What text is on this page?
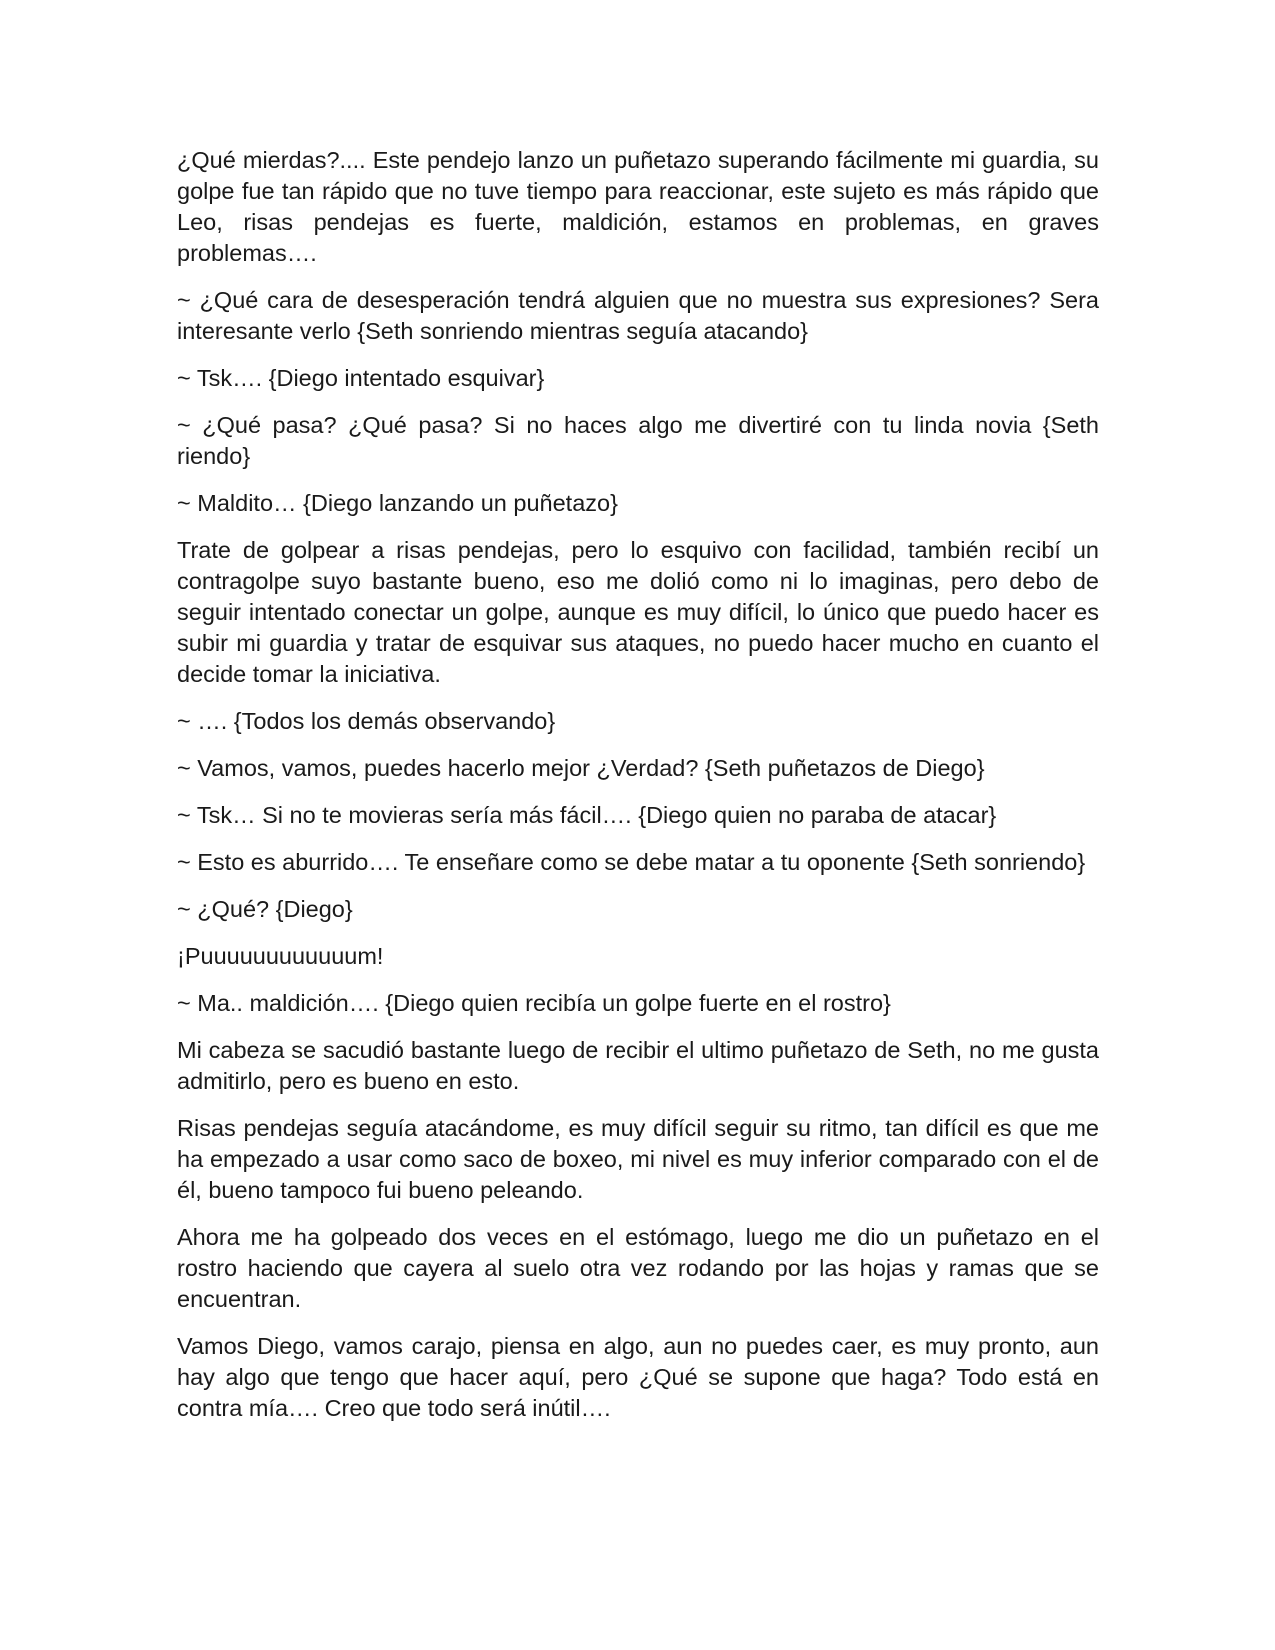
¿Qué mierdas?.... Este pendejo lanzo un puñetazo superando fácilmente mi guardia, su golpe fue tan rápido que no tuve tiempo para reaccionar, este sujeto es más rápido que Leo, risas pendejas es fuerte, maldición, estamos en problemas, en graves problemas….

~ ¿Qué cara de desesperación tendrá alguien que no muestra sus expresiones? Sera interesante verlo {Seth sonriendo mientras seguía atacando}

~ Tsk…. {Diego intentado esquivar}

~ ¿Qué pasa? ¿Qué pasa? Si no haces algo me divertiré con tu linda novia {Seth riendo}

~ Maldito… {Diego lanzando un puñetazo}

Trate de golpear a risas pendejas, pero lo esquivo con facilidad, también recibí un contragolpe suyo bastante bueno, eso me dolió como ni lo imaginas, pero debo de seguir intentado conectar un golpe, aunque es muy difícil, lo único que puedo hacer es subir mi guardia y tratar de esquivar sus ataques, no puedo hacer mucho en cuanto el decide tomar la iniciativa.

~ …. {Todos los demás observando}

~ Vamos, vamos, puedes hacerlo mejor ¿Verdad? {Seth puñetazos de Diego}

~ Tsk… Si no te movieras sería más fácil…. {Diego quien no paraba de atacar}

~ Esto es aburrido…. Te enseñare como se debe matar a tu oponente {Seth sonriendo}

~ ¿Qué? {Diego}

¡Puuuuuuuuuuuum!

~ Ma.. maldición…. {Diego quien recibía un golpe fuerte en el rostro}

Mi cabeza se sacudió bastante luego de recibir el ultimo puñetazo de Seth, no me gusta admitirlo, pero es bueno en esto.

Risas pendejas seguía atacándome, es muy difícil seguir su ritmo, tan difícil es que me ha empezado a usar como saco de boxeo, mi nivel es muy inferior comparado con el de él, bueno tampoco fui bueno peleando.

Ahora me ha golpeado dos veces en el estómago, luego me dio un puñetazo en el rostro haciendo que cayera al suelo otra vez rodando por las hojas y ramas que se encuentran.

Vamos Diego, vamos carajo, piensa en algo, aun no puedes caer, es muy pronto, aun hay algo que tengo que hacer aquí, pero ¿Qué se supone que haga? Todo está en contra mía…. Creo que todo será inútil….
